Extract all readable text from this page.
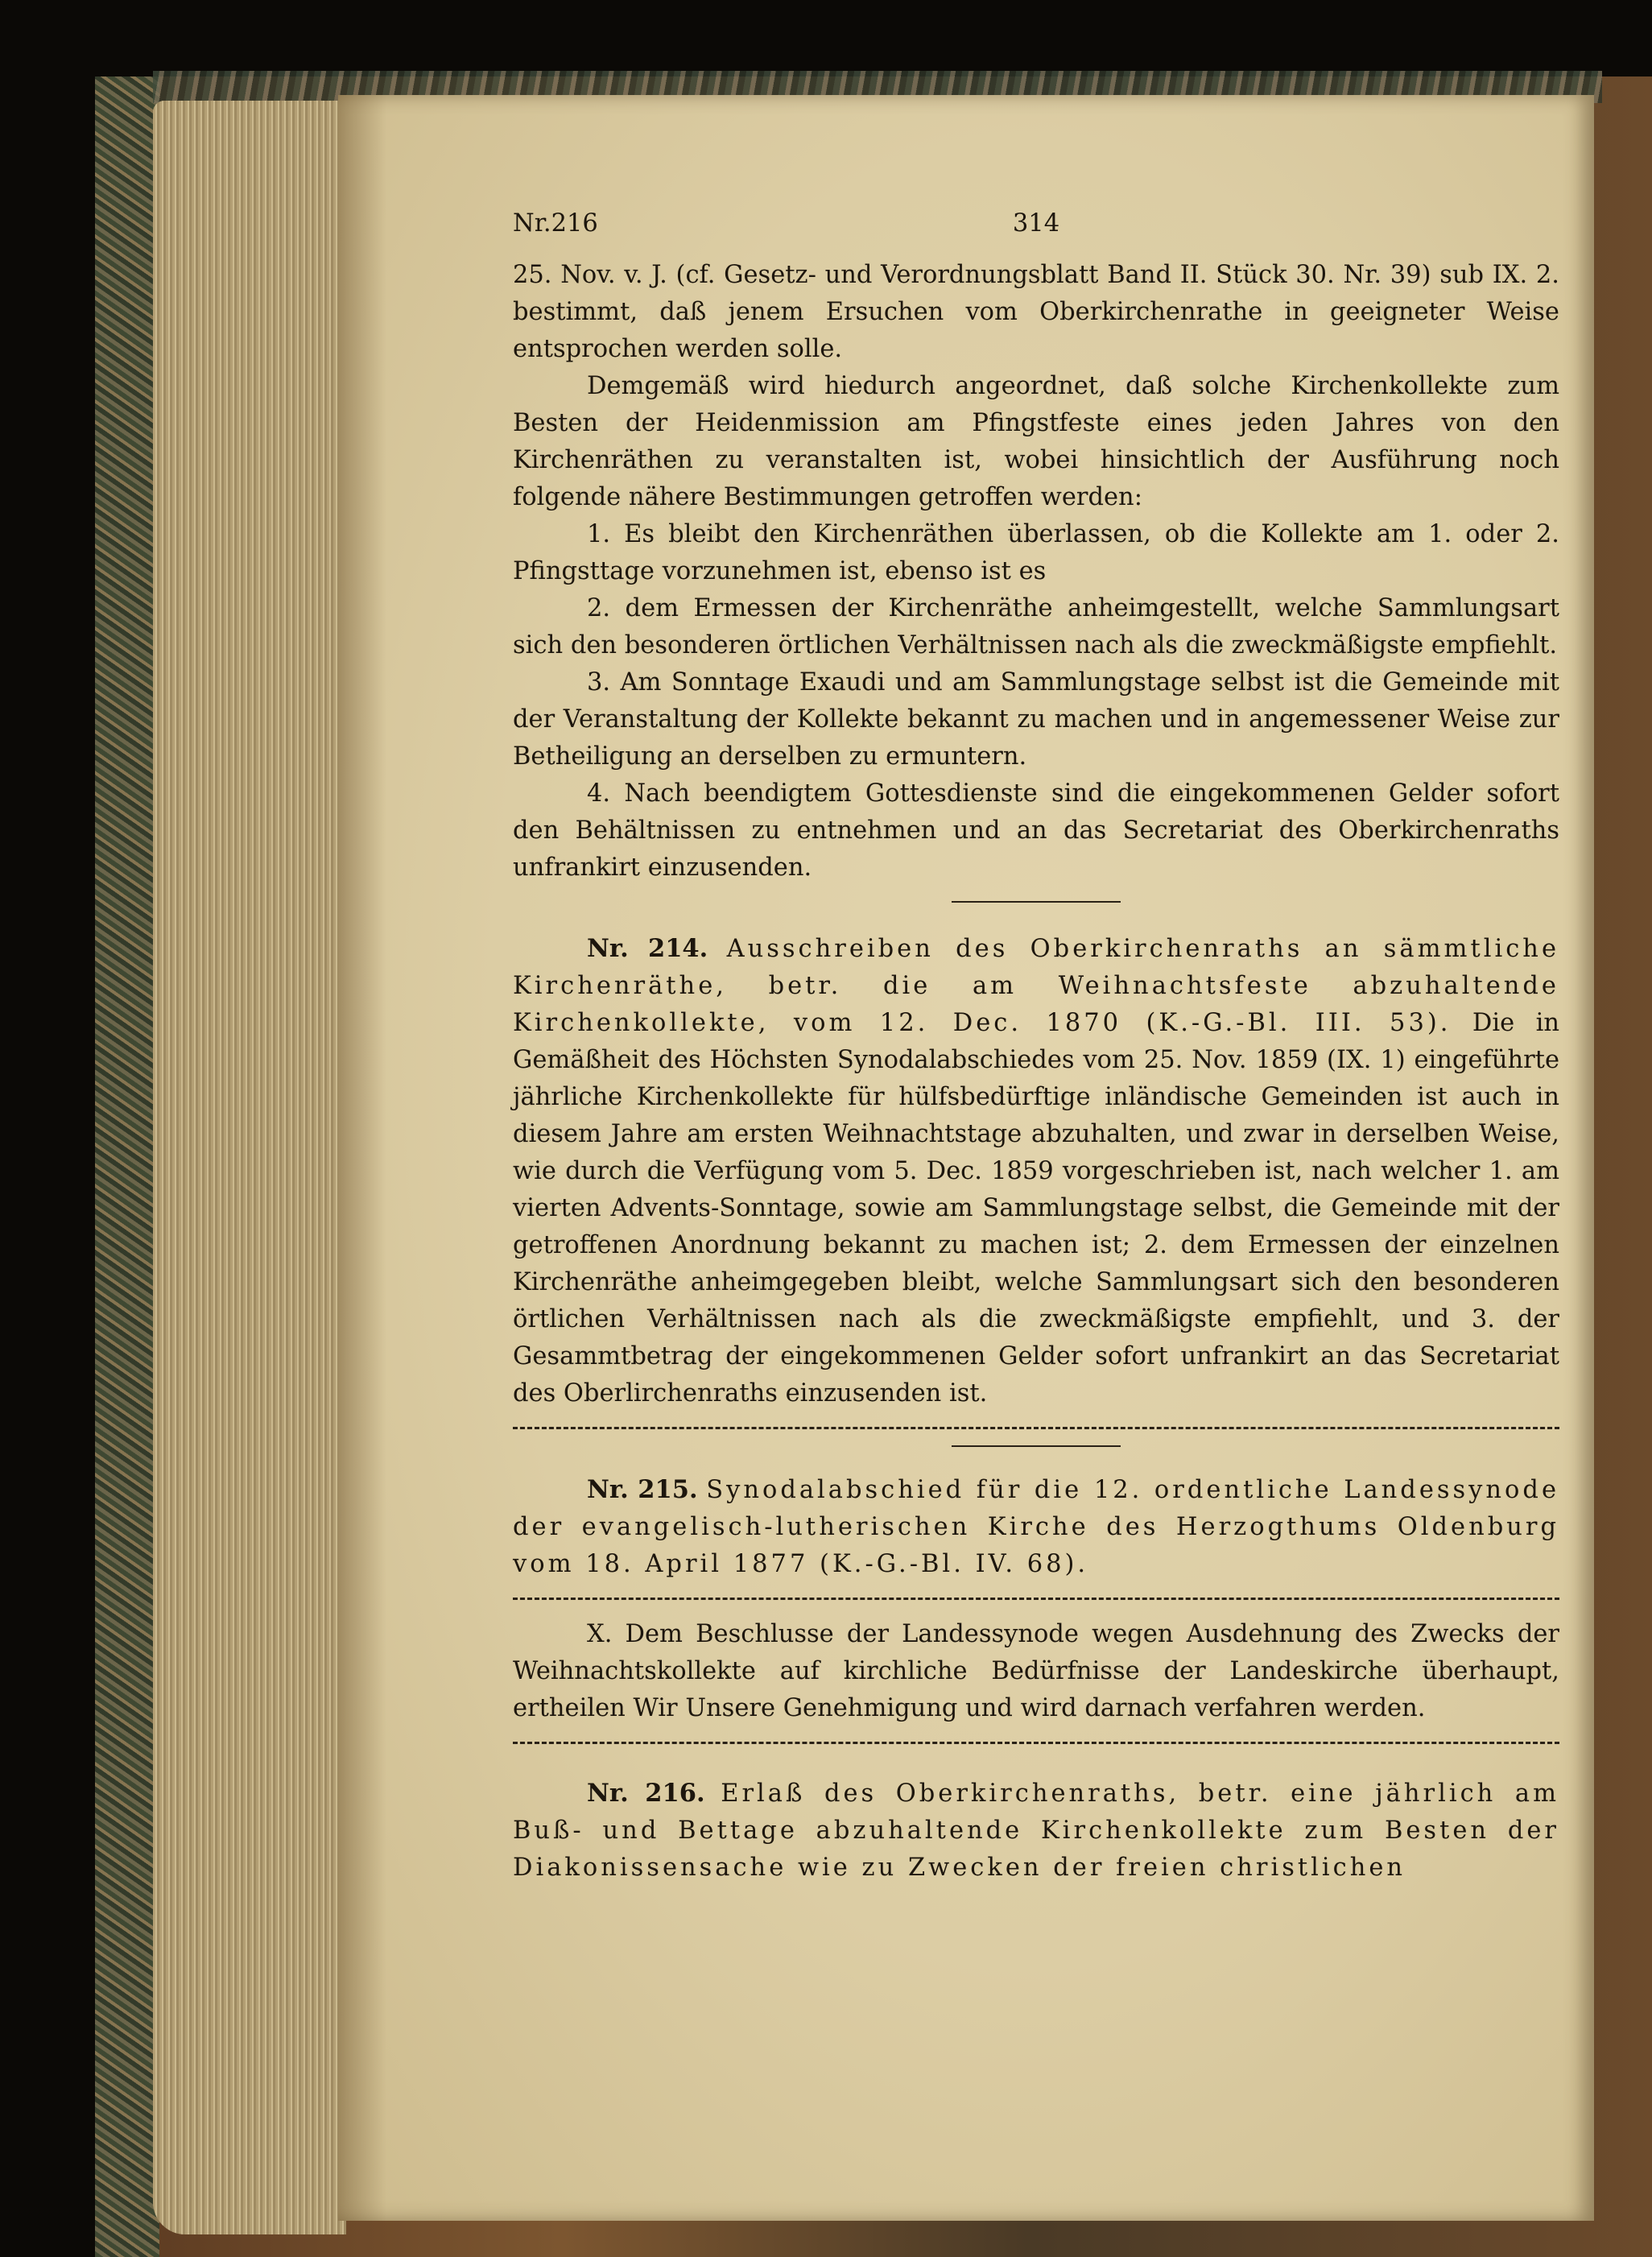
Nr.216	314

25. Nov. v. J. (cf. Gesetz- und Verordnungsblatt Band II. Stück 30. Nr. 39) sub IX. 2. bestimmt, daß jenem Ersuchen vom Oberkirchenrathe in geeigneter Weise entsprochen werden solle.

Demgemäß wird hiedurch angeordnet, daß solche Kirchenkollekte zum Besten der Heidenmission am Pfingstfeste eines jeden Jahres von den Kirchenräthen zu veranstalten ist, wobei hinsichtlich der Ausführung noch folgende nähere Bestimmungen getroffen werden:

1. Es bleibt den Kirchenräthen überlassen, ob die Kollekte am 1. oder 2. Pfingsttage vorzunehmen ist, ebenso ist es

2. dem Ermessen der Kirchenräthe anheimgestellt, welche Sammlungsart sich den besonderen örtlichen Verhältnissen nach als die zweckmäßigste empfiehlt.

3. Am Sonntage Exaudi und am Sammlungstage selbst ist die Gemeinde mit der Veranstaltung der Kollekte bekannt zu machen und in angemessener Weise zur Betheiligung an derselben zu ermuntern.

4. Nach beendigtem Gottesdienste sind die eingekommenen Gelder sofort den Behältnissen zu entnehmen und an das Secretariat des Oberkirchenraths unfrankirt einzusenden.

Nr. 214. Ausschreiben des Oberkirchenraths an sämmtliche Kirchenräthe, betr. die am Weihnachtsfeste abzuhaltende Kirchenkollekte, vom 12. Dec. 1870 (K.-G.-Bl. III. 53). Die in Gemäßheit des Höchsten Synodalabschiedes vom 25. Nov. 1859 (IX. 1) eingeführte jährliche Kirchenkollekte für hülfsbedürftige inländische Gemeinden ist auch in diesem Jahre am ersten Weihnachtstage abzuhalten, und zwar in derselben Weise, wie durch die Verfügung vom 5. Dec. 1859 vorgeschrieben ist, nach welcher 1. am vierten Advents-Sonntage, sowie am Sammlungstage selbst, die Gemeinde mit der getroffenen Anordnung bekannt zu machen ist; 2. dem Ermessen der einzelnen Kirchenräthe anheimgegeben bleibt, welche Sammlungsart sich den besonderen örtlichen Verhältnissen nach als die zweckmäßigste empfiehlt, und 3. der Gesammtbetrag der eingekommenen Gelder sofort unfrankirt an das Secretariat des Oberlirchenraths einzusenden ist.

Nr. 215. Synodalabschied für die 12. ordentliche Landessynode der evangelisch-lutherischen Kirche des Herzogthums Oldenburg vom 18. April 1877 (K.-G.-Bl. IV. 68).

X. Dem Beschlusse der Landessynode wegen Ausdehnung des Zwecks der Weihnachtskollekte auf kirchliche Bedürfnisse der Landeskirche überhaupt, ertheilen Wir Unsere Genehmigung und wird darnach verfahren werden.

Nr. 216. Erlaß des Oberkirchenraths, betr. eine jährlich am Buß- und Bettage abzuhaltende Kirchenkollekte zum Besten der Diakonissensache wie zu Zwecken der freien christlichen
